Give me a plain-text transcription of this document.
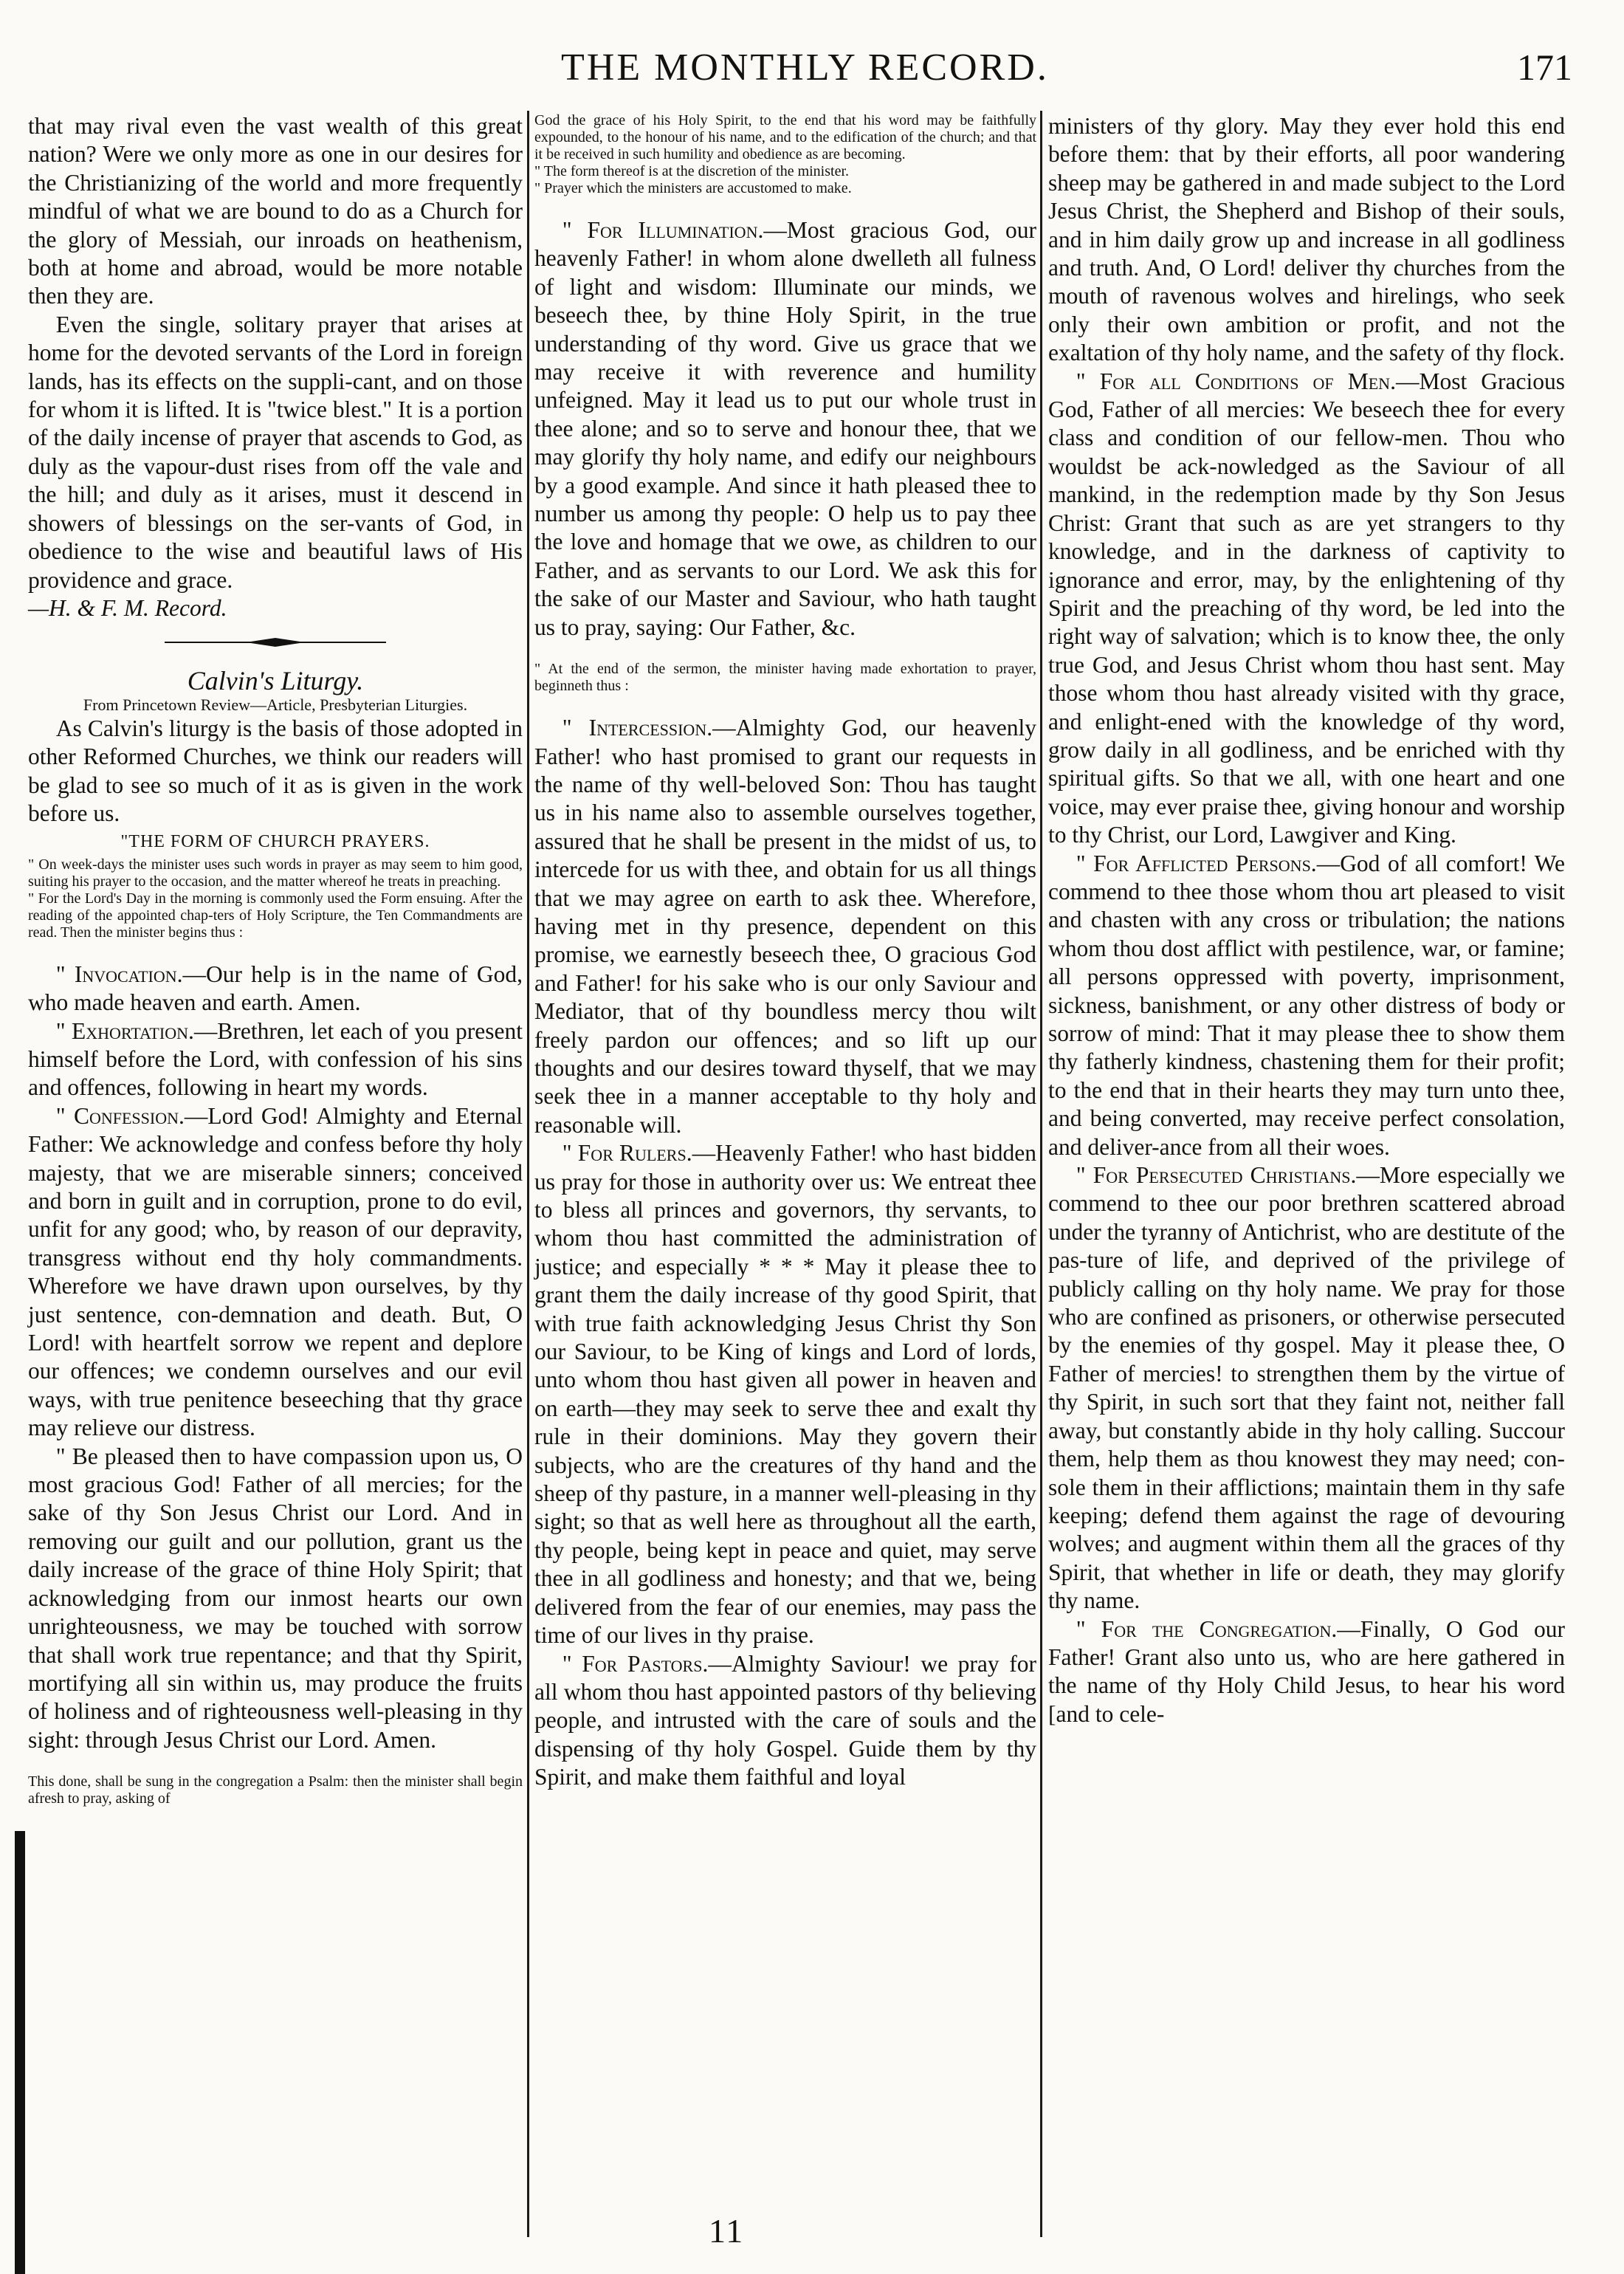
THE MONTHLY RECORD.	171

that may rival even the vast wealth of this great nation? Were we only more as one in our desires for the Christianizing of the world and more frequently mindful of what we are bound to do as a Church for the glory of Messiah, our inroads on heathenism, both at home and abroad, would be more notable then they are.

Even the single, solitary prayer that arises at home for the devoted servants of the Lord in foreign lands, has its effects on the suppli-cant, and on those for whom it is lifted. It is "twice blest." It is a portion of the daily incense of prayer that ascends to God, as duly as the vapour-dust rises from off the vale and the hill; and duly as it arises, must it descend in showers of blessings on the ser-vants of God, in obedience to the wise and beautiful laws of His providence and grace.

—H. & F. M. Record.

Calvin's Liturgy.

From Princetown Review—Article, Presbyterian Liturgies.

As Calvin's liturgy is the basis of those adopted in other Reformed Churches, we think our readers will be glad to see so much of it as is given in the work before us.

"THE FORM OF CHURCH PRAYERS.

" On week-days the minister uses such words in prayer as may seem to him good, suiting his prayer to the occasion, and the matter whereof he treats in preaching.

" For the Lord's Day in the morning is commonly used the Form ensuing. After the reading of the appointed chap-ters of Holy Scripture, the Ten Commandments are read. Then the minister begins thus :

" Invocation.—Our help is in the name of God, who made heaven and earth. Amen.

" Exhortation.—Brethren, let each of you present himself before the Lord, with confession of his sins and offences, following in heart my words.

" Confession.—Lord God! Almighty and Eternal Father: We acknowledge and confess before thy holy majesty, that we are miserable sinners; conceived and born in guilt and in corruption, prone to do evil, unfit for any good; who, by reason of our depravity, transgress without end thy holy commandments. Wherefore we have drawn upon ourselves, by thy just sentence, con-demnation and death. But, O Lord! with heartfelt sorrow we repent and deplore our offences; we condemn ourselves and our evil ways, with true penitence beseeching that thy grace may relieve our distress.

" Be pleased then to have compassion upon us, O most gracious God! Father of all mercies; for the sake of thy Son Jesus Christ our Lord. And in removing our guilt and our pollution, grant us the daily increase of the grace of thine Holy Spirit; that acknowledging from our inmost hearts our own unrighteousness, we may be touched with sorrow that shall work true repentance; and that thy Spirit, mortifying all sin within us, may produce the fruits of holiness and of righteousness well-pleasing in thy sight: through Jesus Christ our Lord. Amen.

This done, shall be sung in the congregation a Psalm: then the minister shall begin afresh to pray, asking of

God the grace of his Holy Spirit, to the end that his word may be faithfully expounded, to the honour of his name, and to the edification of the church; and that it be received in such humility and obedience as are becoming.

" The form thereof is at the discretion of the minister.

" Prayer which the ministers are accustomed to make.

" For Illumination.—Most gracious God, our heavenly Father! in whom alone dwelleth all fulness of light and wisdom: Illuminate our minds, we beseech thee, by thine Holy Spirit, in the true understanding of thy word. Give us grace that we may receive it with reverence and humility unfeigned. May it lead us to put our whole trust in thee alone; and so to serve and honour thee, that we may glorify thy holy name, and edify our neighbours by a good example. And since it hath pleased thee to number us among thy people: O help us to pay thee the love and homage that we owe, as children to our Father, and as servants to our Lord. We ask this for the sake of our Master and Saviour, who hath taught us to pray, saying: Our Father, &c.

" At the end of the sermon, the minister having made exhortation to prayer, beginneth thus :

" Intercession.—Almighty God, our heavenly Father! who hast promised to grant our requests in the name of thy well-beloved Son: Thou has taught us in his name also to assemble ourselves together, assured that he shall be present in the midst of us, to intercede for us with thee, and obtain for us all things that we may agree on earth to ask thee. Wherefore, having met in thy presence, dependent on this promise, we earnestly beseech thee, O gracious God and Father! for his sake who is our only Saviour and Mediator, that of thy boundless mercy thou wilt freely pardon our offences; and so lift up our thoughts and our desires toward thyself, that we may seek thee in a manner acceptable to thy holy and reasonable will.

" For Rulers.—Heavenly Father! who hast bidden us pray for those in authority over us: We entreat thee to bless all princes and governors, thy servants, to whom thou hast committed the administration of justice; and especially * * * May it please thee to grant them the daily increase of thy good Spirit, that with true faith acknowledging Jesus Christ thy Son our Saviour, to be King of kings and Lord of lords, unto whom thou hast given all power in heaven and on earth—they may seek to serve thee and exalt thy rule in their dominions. May they govern their subjects, who are the creatures of thy hand and the sheep of thy pasture, in a manner well-pleasing in thy sight; so that as well here as throughout all the earth, thy people, being kept in peace and quiet, may serve thee in all godliness and honesty; and that we, being delivered from the fear of our enemies, may pass the time of our lives in thy praise.

" For Pastors.—Almighty Saviour! we pray for all whom thou hast appointed pastors of thy believing people, and intrusted with the care of souls and the dispensing of thy holy Gospel. Guide them by thy Spirit, and make them faithful and loyal

ministers of thy glory. May they ever hold this end before them: that by their efforts, all poor wandering sheep may be gathered in and made subject to the Lord Jesus Christ, the Shepherd and Bishop of their souls, and in him daily grow up and increase in all godliness and truth. And, O Lord! deliver thy churches from the mouth of ravenous wolves and hirelings, who seek only their own ambition or profit, and not the exaltation of thy holy name, and the safety of thy flock.

" For all Conditions of Men.—Most Gracious God, Father of all mercies: We beseech thee for every class and condition of our fellow-men. Thou who wouldst be ack-nowledged as the Saviour of all mankind, in the redemption made by thy Son Jesus Christ: Grant that such as are yet strangers to thy knowledge, and in the darkness of captivity to ignorance and error, may, by the enlightening of thy Spirit and the preaching of thy word, be led into the right way of salvation; which is to know thee, the only true God, and Jesus Christ whom thou hast sent. May those whom thou hast already visited with thy grace, and enlight-ened with the knowledge of thy word, grow daily in all godliness, and be enriched with thy spiritual gifts. So that we all, with one heart and one voice, may ever praise thee, giving honour and worship to thy Christ, our Lord, Lawgiver and King.

" For Afflicted Persons.—God of all comfort! We commend to thee those whom thou art pleased to visit and chasten with any cross or tribulation; the nations whom thou dost afflict with pestilence, war, or famine; all persons oppressed with poverty, imprisonment, sickness, banishment, or any other distress of body or sorrow of mind: That it may please thee to show them thy fatherly kindness, chastening them for their profit; to the end that in their hearts they may turn unto thee, and being converted, may receive perfect consolation, and deliver-ance from all their woes.

" For Persecuted Christians.—More especially we commend to thee our poor brethren scattered abroad under the tyranny of Antichrist, who are destitute of the pas-ture of life, and deprived of the privilege of publicly calling on thy holy name. We pray for those who are confined as prisoners, or otherwise persecuted by the enemies of thy gospel. May it please thee, O Father of mercies! to strengthen them by the virtue of thy Spirit, in such sort that they faint not, neither fall away, but constantly abide in thy holy calling. Succour them, help them as thou knowest they may need; con-sole them in their afflictions; maintain them in thy safe keeping; defend them against the rage of devouring wolves; and augment within them all the graces of thy Spirit, that whether in life or death, they may glorify thy name.

" For the Congregation.—Finally, O God our Father! Grant also unto us, who are here gathered in the name of thy Holy Child Jesus, to hear his word [and to cele-

11
